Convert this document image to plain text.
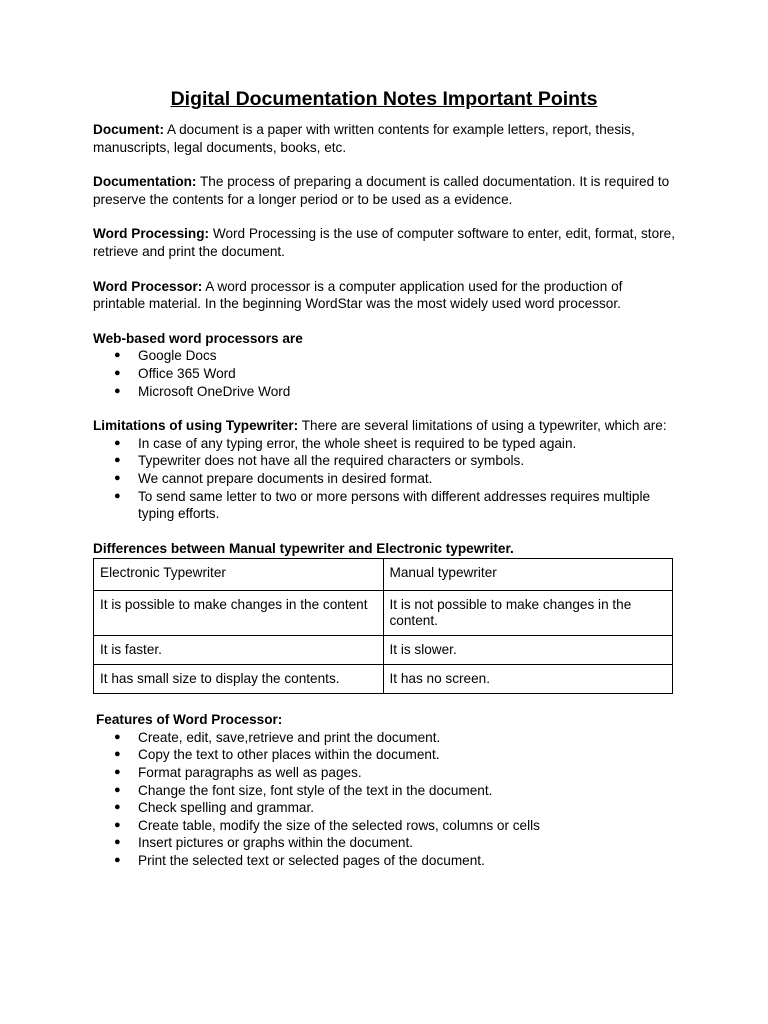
Digital Documentation Notes Important Points

Document: A document is a paper with written contents for example letters, report, thesis, manuscripts, legal documents, books, etc.

Documentation: The process of preparing a document is called documentation. It is required to preserve the contents for a longer period or to be used as a evidence.

Word Processing: Word Processing is the use of computer software to enter, edit, format, store, retrieve and print the document.

Word Processor: A word processor is a computer application used for the production of printable material. In the beginning WordStar was the most widely used word processor.

Web-based word processors are

● Google Docs
● Office 365 Word
● Microsoft OneDrive Word

Limitations of using Typewriter: There are several limitations of using a typewriter, which are:

● In case of any typing error, the whole sheet is required to be typed again.
● Typewriter does not have all the required characters or symbols.
● We cannot prepare documents in desired format.
● To send same letter to two or more persons with different addresses requires multiple typing efforts.

Differences between Manual typewriter and Electronic typewriter.

Electronic Typewriter	Manual typewriter
It is possible to make changes in the content	It is not possible to make changes in the content.
It is faster.	It is slower.
It has small size to display the contents.	It has no screen.

Features of Word Processor:

● Create, edit, save,retrieve and print the document.
● Copy the text to other places within the document.
● Format paragraphs as well as pages.
● Change the font size, font style of the text in the document.
● Check spelling and grammar.
● Create table, modify the size of the selected rows, columns or cells
● Insert pictures or graphs within the document.
● Print the selected text or selected pages of the document.
